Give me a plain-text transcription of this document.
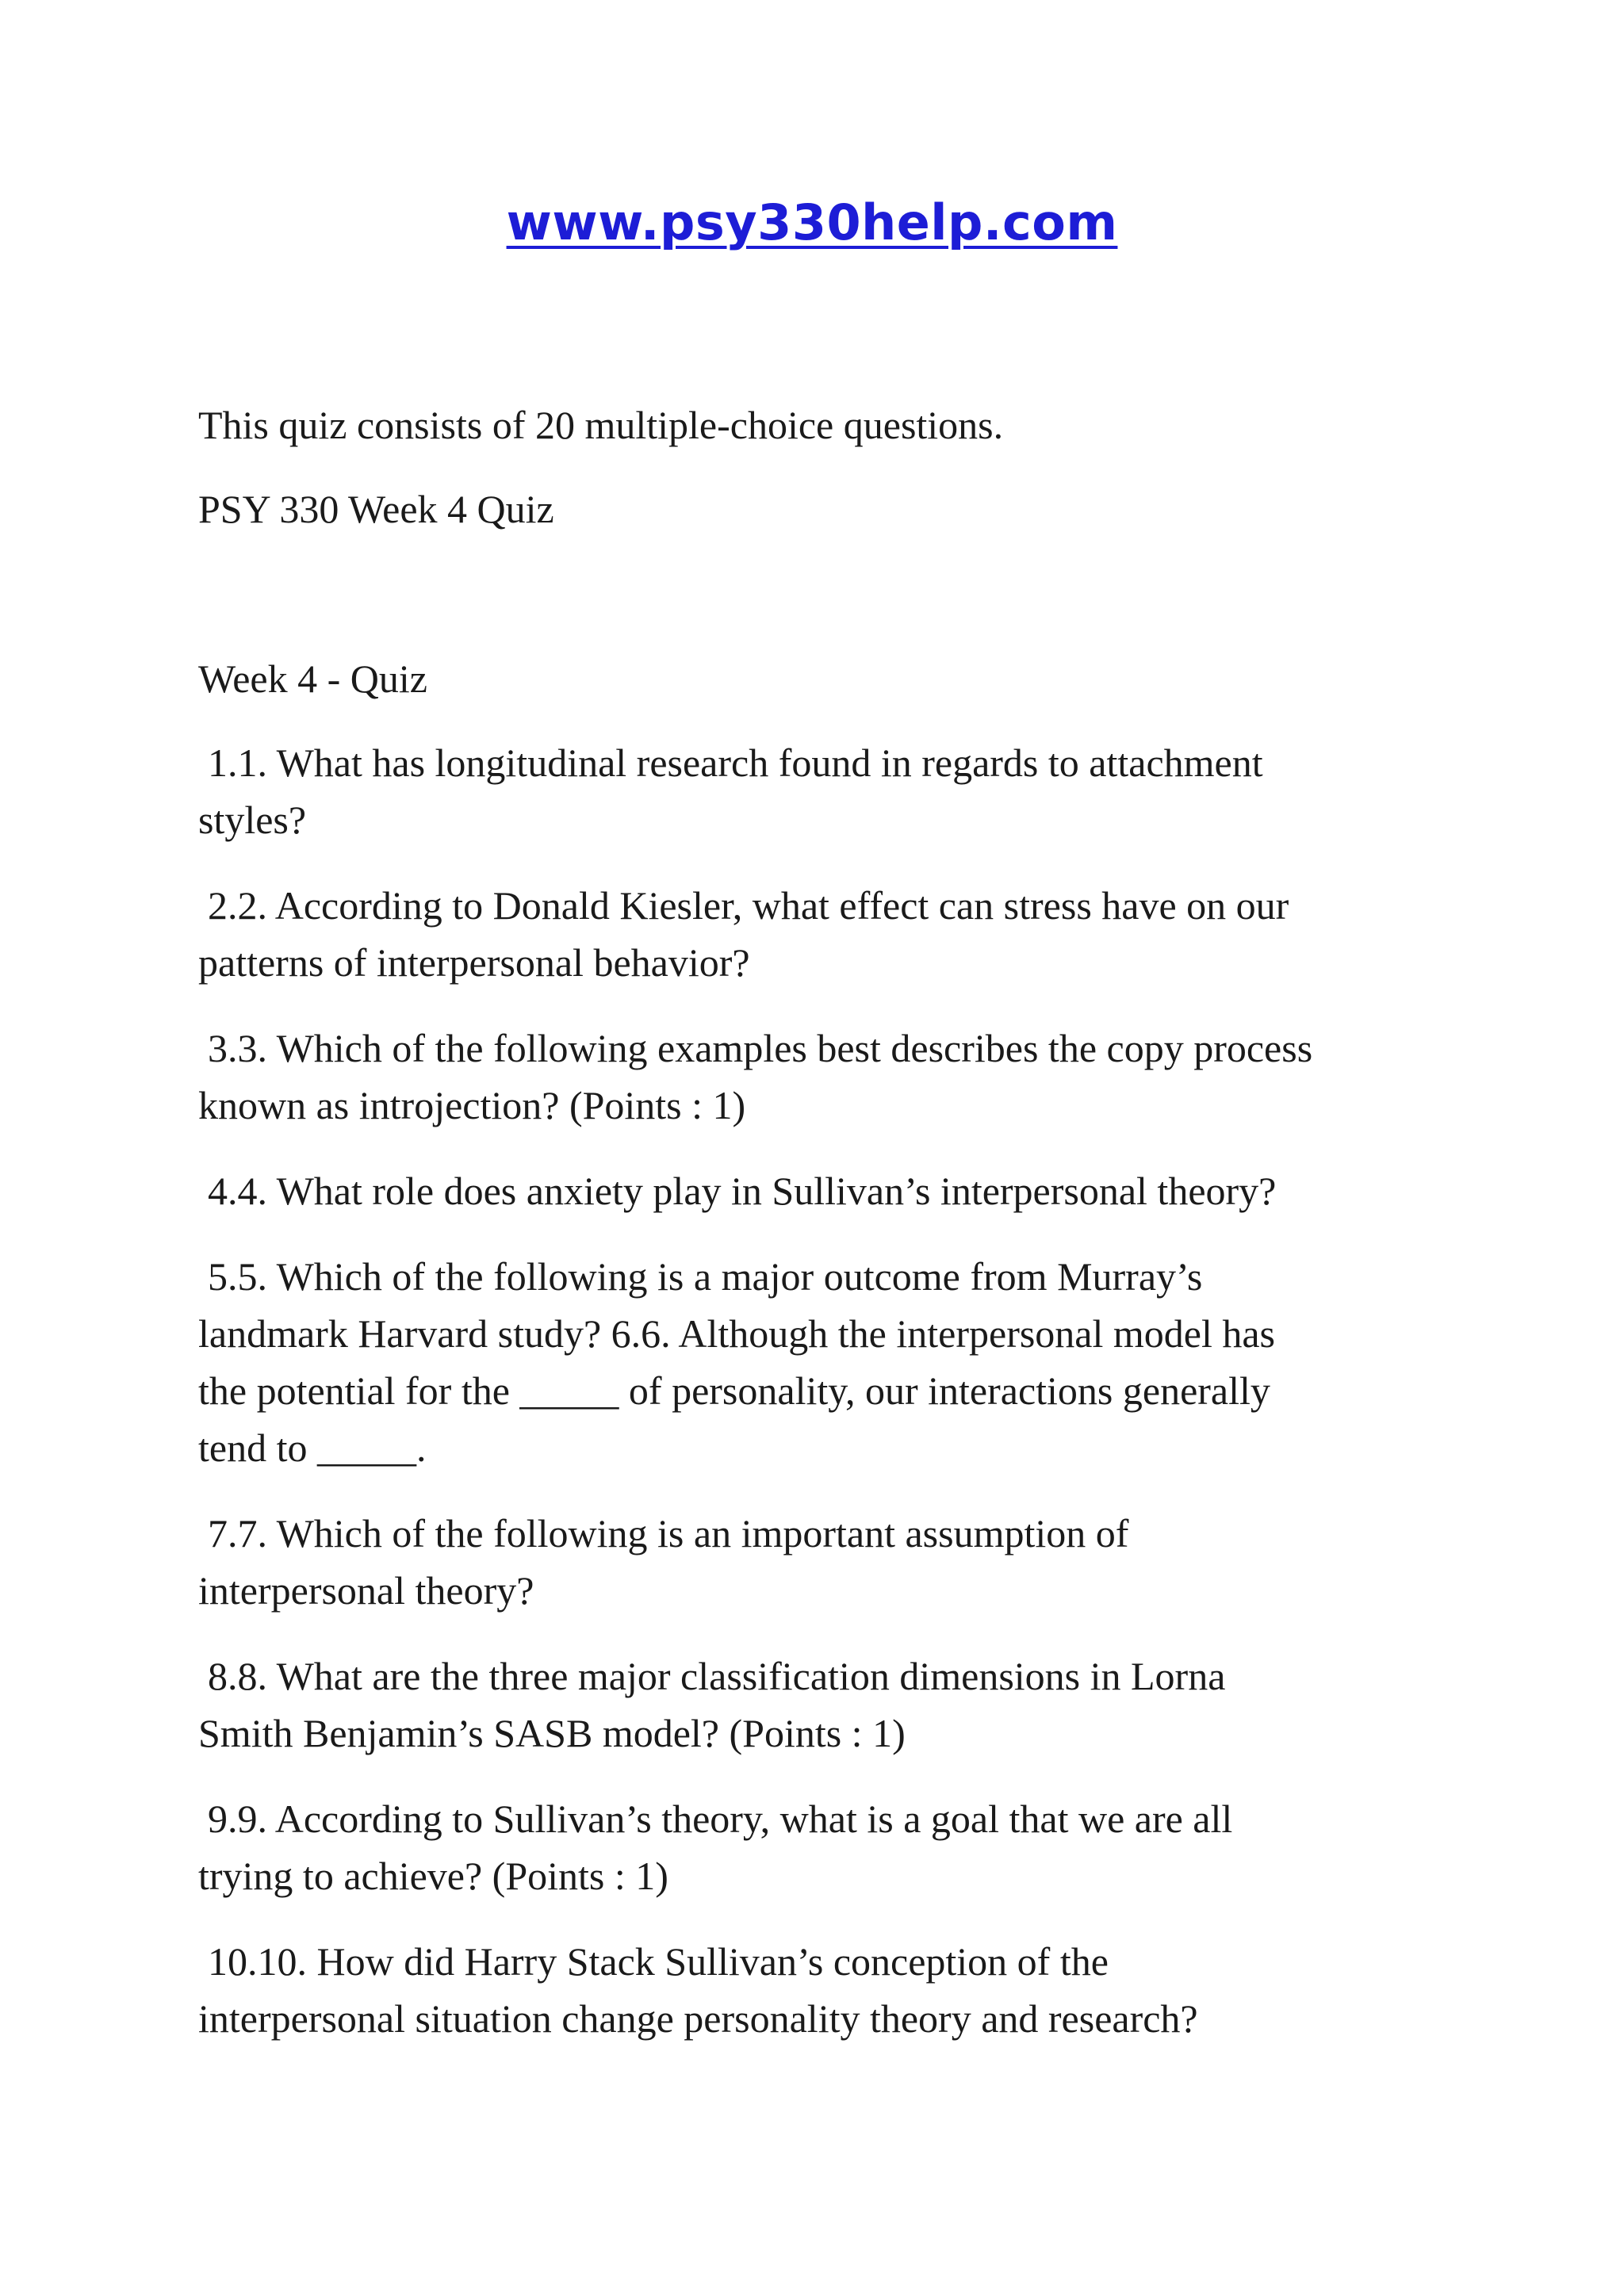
www.psy330help.com

This quiz consists of 20 multiple-choice questions.

PSY 330 Week 4 Quiz

Week 4 - Quiz

1.1. What has longitudinal research found in regards to attachment

styles?

2.2. According to Donald Kiesler, what effect can stress have on our

patterns of interpersonal behavior?

3.3. Which of the following examples best describes the copy process

known as introjection? (Points : 1)

4.4. What role does anxiety play in Sullivan’s interpersonal theory?

5.5. Which of the following is a major outcome from Murray’s

landmark Harvard study? 6.6. Although the interpersonal model has

the potential for the _____ of personality, our interactions generally

tend to _____.

7.7. Which of the following is an important assumption of

interpersonal theory?

8.8. What are the three major classification dimensions in Lorna

Smith Benjamin’s SASB model? (Points : 1)

9.9. According to Sullivan’s theory, what is a goal that we are all

trying to achieve? (Points : 1)

10.10. How did Harry Stack Sullivan’s conception of the

interpersonal situation change personality theory and research?
